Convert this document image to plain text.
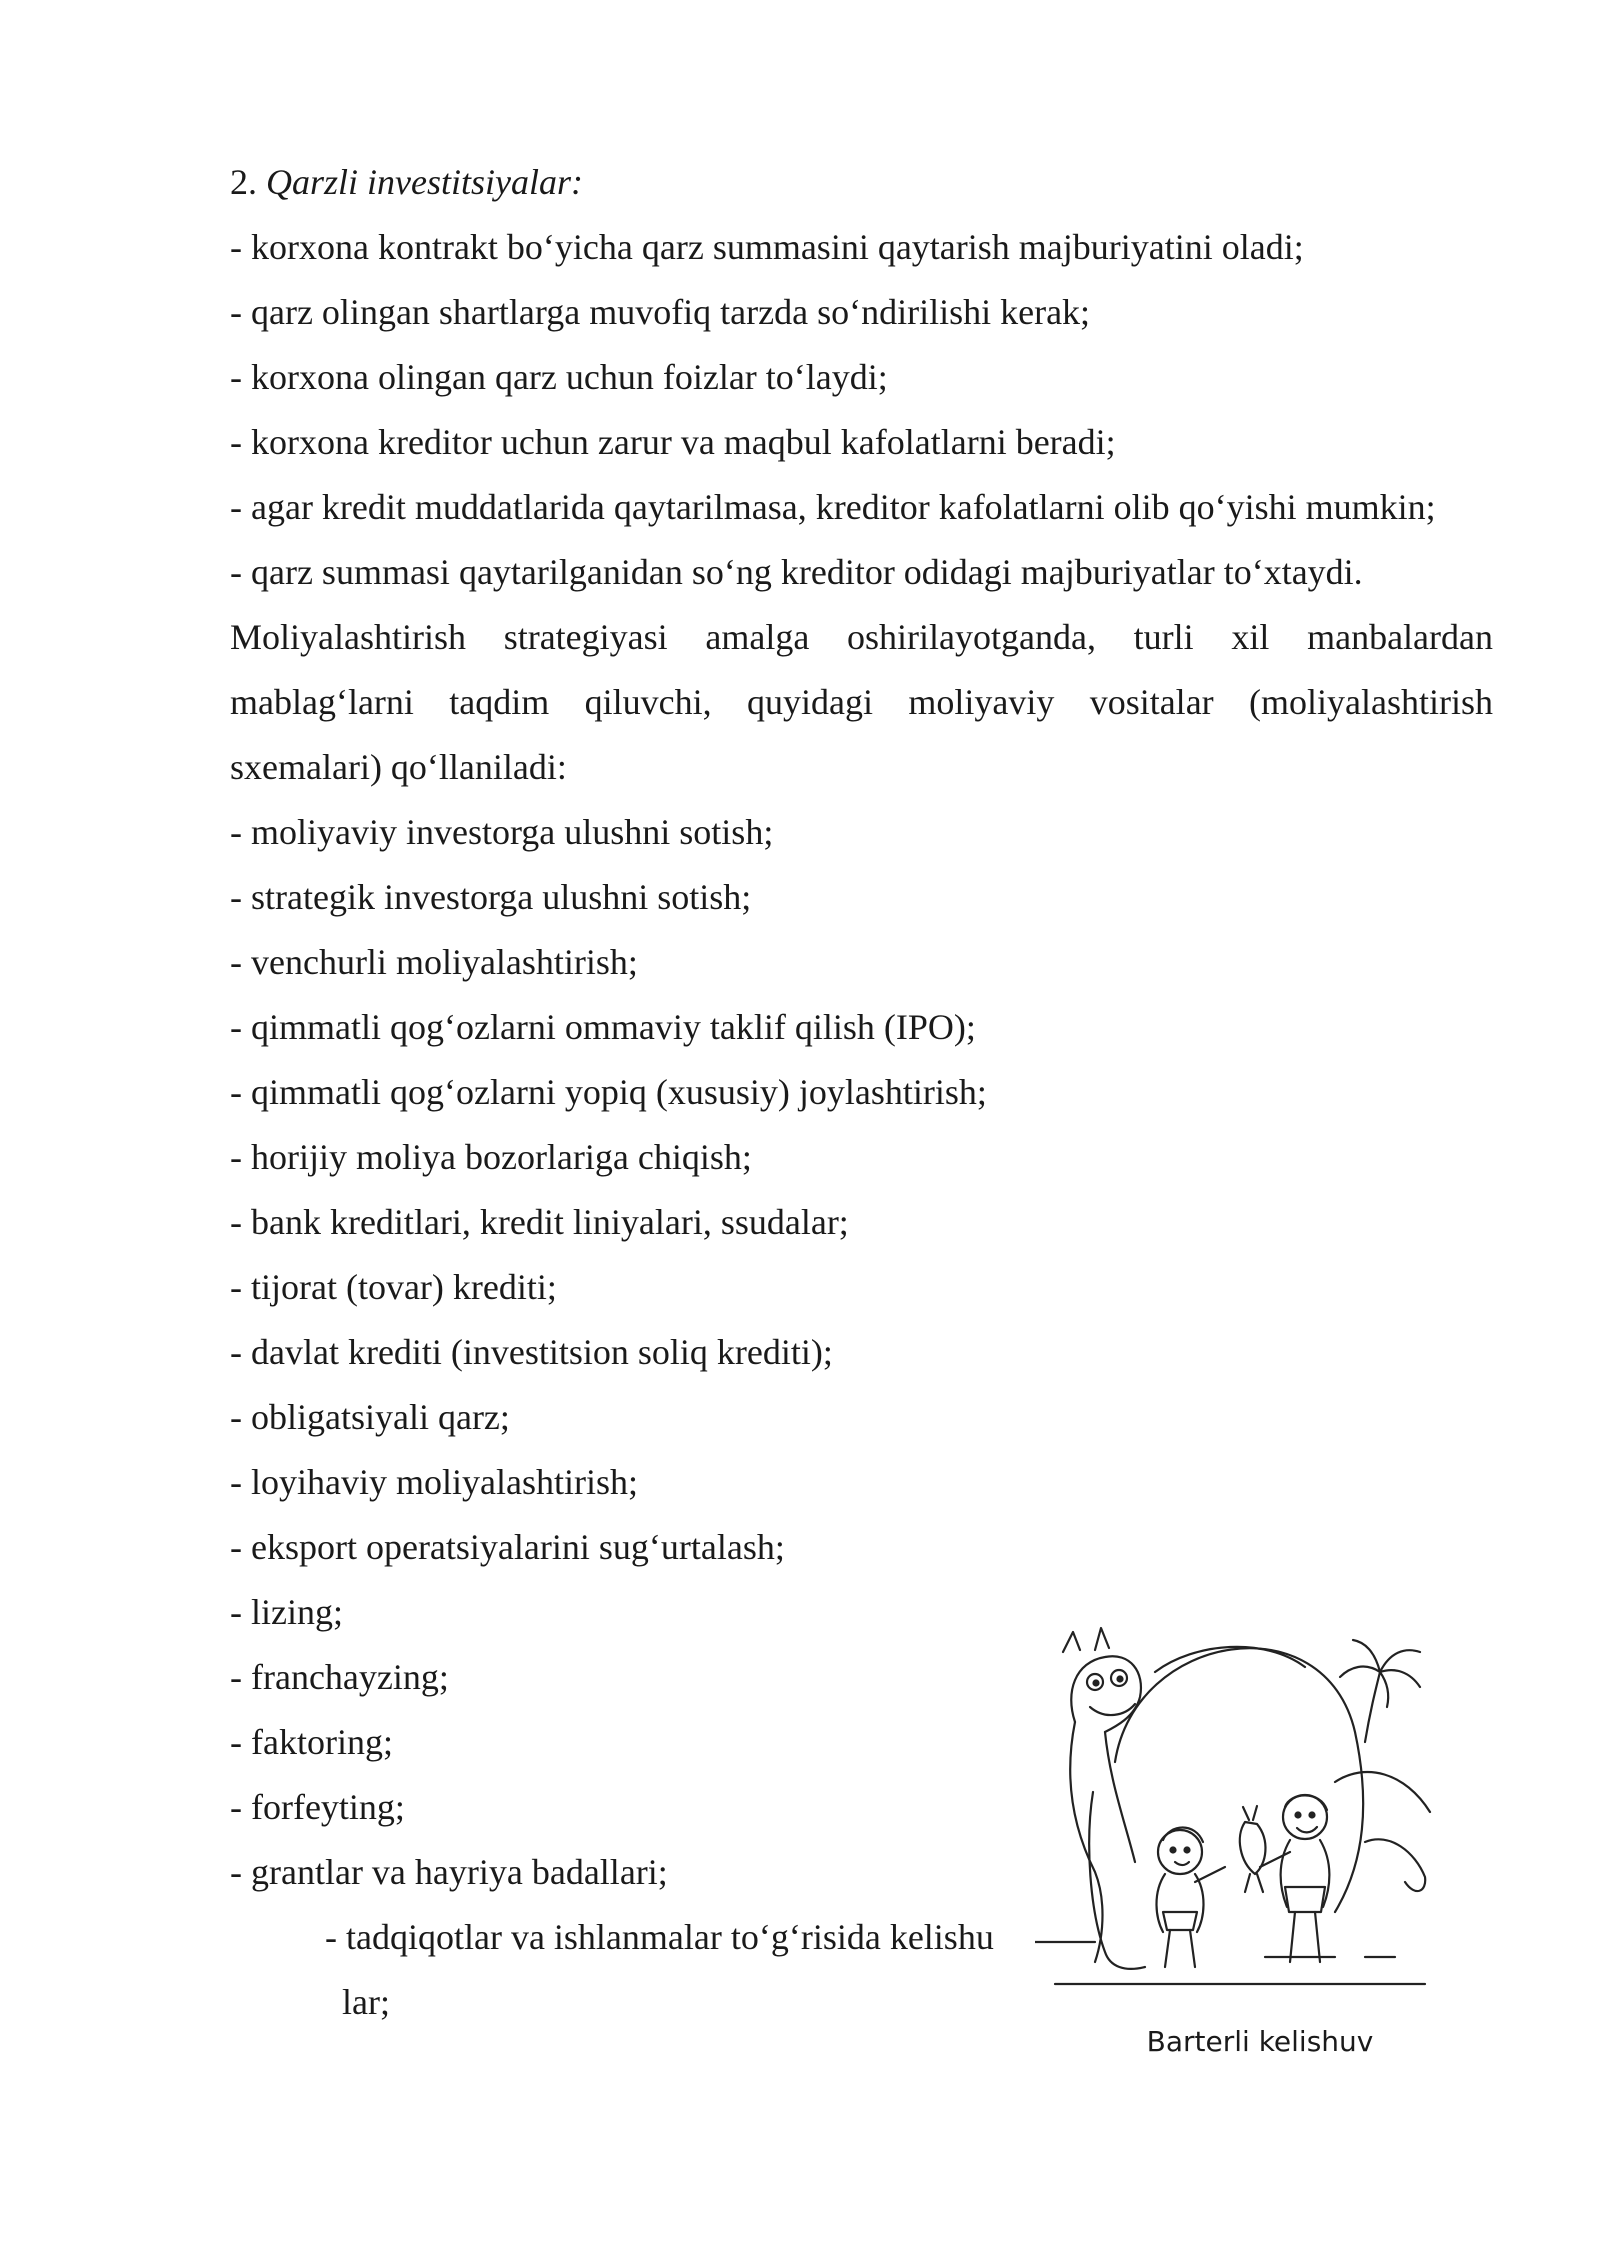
2. Qarzli investitsiyalar:

- korxona kontrakt bo‘yicha qarz summasini qaytarish majburiyatini oladi;

- qarz olingan shartlarga muvofiq tarzda so‘ndirilishi kerak;

- korxona olingan qarz uchun foizlar to‘laydi;

- korxona kreditor uchun zarur va maqbul kafolatlarni beradi;

- agar kredit muddatlarida qaytarilmasa, kreditor kafolatlarni olib qo‘yishi mumkin;

- qarz summasi qaytarilganidan so‘ng kreditor odidagi majburiyatlar to‘xtaydi.

Moliyalashtirish strategiyasi amalga oshirilayotganda, turli xil manbalardan mablag‘larni taqdim qiluvchi, quyidagi moliyaviy vositalar (moliyalashtirish sxemalari) qo‘llaniladi:

- moliyaviy investorga ulushni sotish;

- strategik investorga ulushni sotish;

- venchurli moliyalashtirish;

- qimmatli qog‘ozlarni ommaviy taklif qilish (IPO);

- qimmatli qog‘ozlarni yopiq (xususiy) joylashtirish;

- horijiy moliya bozorlariga chiqish;

- bank kreditlari, kredit liniyalari, ssudalar;

- tijorat (tovar) krediti;

- davlat krediti (investitsion soliq krediti);

- obligatsiyali qarz;

- loyihaviy moliyalashtirish;

- eksport operatsiyalarini sug‘urtalash;

- lizing;

- franchayzing;

- faktoring;

- forfeyting;

- grantlar va hayriya badallari;

- tadqiqotlar va ishlanmalar to‘g‘risida kelishu

lar;

Barterli kelishuv
